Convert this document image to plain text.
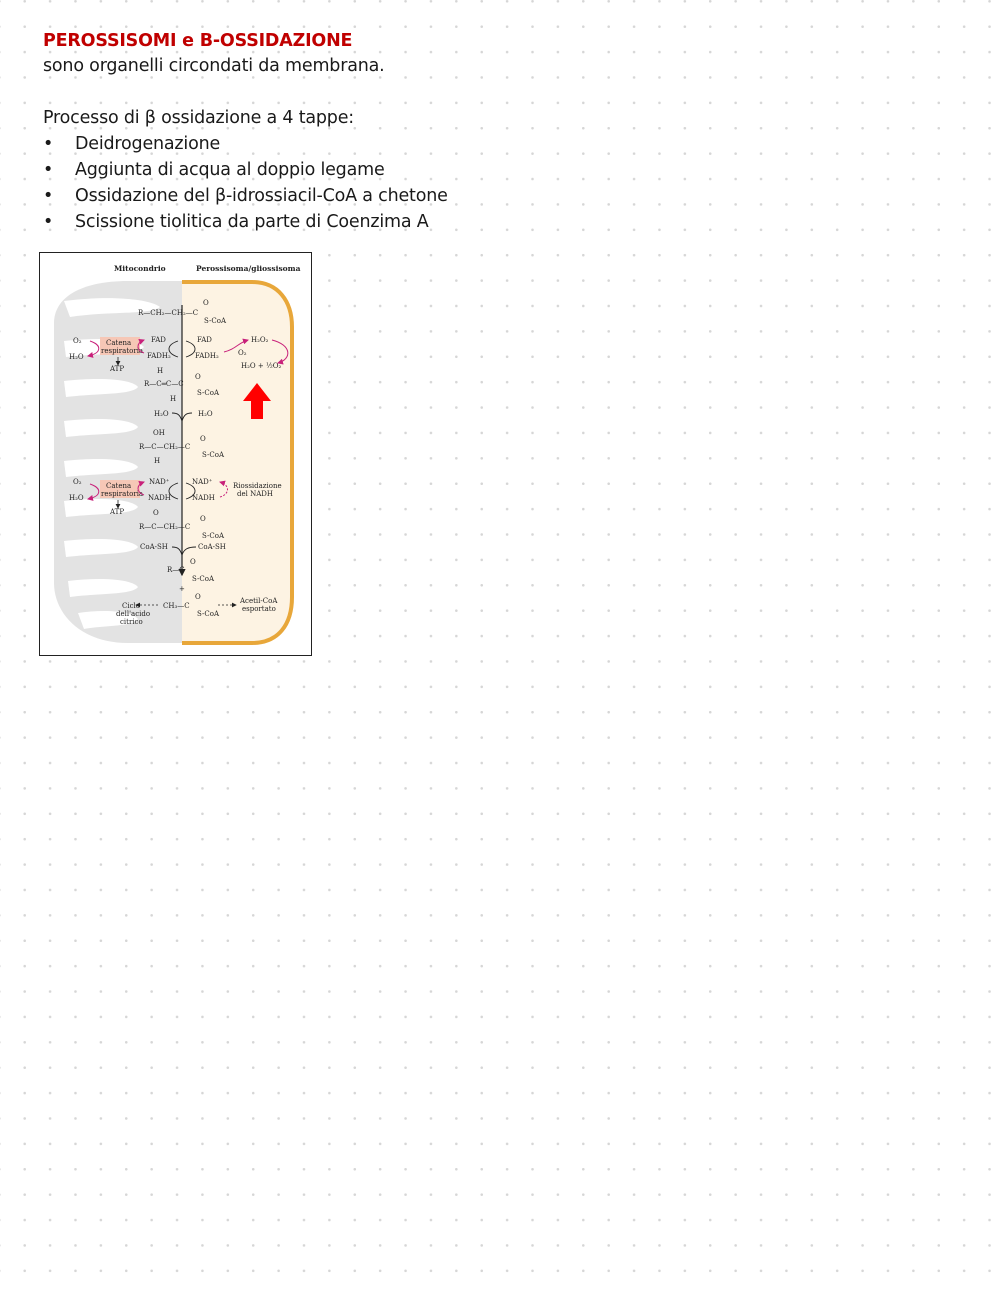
PEROSSISOMI e B-OSSIDAZIONE
sono organelli circondati da membrana.
Processo di β ossidazione a 4 tappe:
• Deidrogenazione
• Aggiunta di acqua al doppio legame
• Ossidazione del β-idrossiacil-CoA a chetone
• Scissione tiolitica da parte di Coenzima A
Mitocondrio	Perossisoma/gliossisoma
R—CH₂—CH₂—C
O
S-CoA
Catena
respiratoria
O₂
H₂O
ATP
FAD
FADH₂
FAD
FADH₂
H₂O₂
O₂
H₂O + ½O₂
H
R—C═C—C
O
S-CoA
H
H₂O	H₂O
OH
R—C—CH₂—C
O
S-CoA
H
Catena
respiratoria
O₂
H₂O
ATP
NAD⁺
NADH
NAD⁺
NADH
Riossidazione
del NADH
O
R—C—CH₂—C
O
S-CoA
CoA-SH	CoA-SH
R—C
O
S-CoA
+
CH₃—C
O
S-CoA
Ciclo
dell'acido
citrico
Acetil-CoA
esportato
